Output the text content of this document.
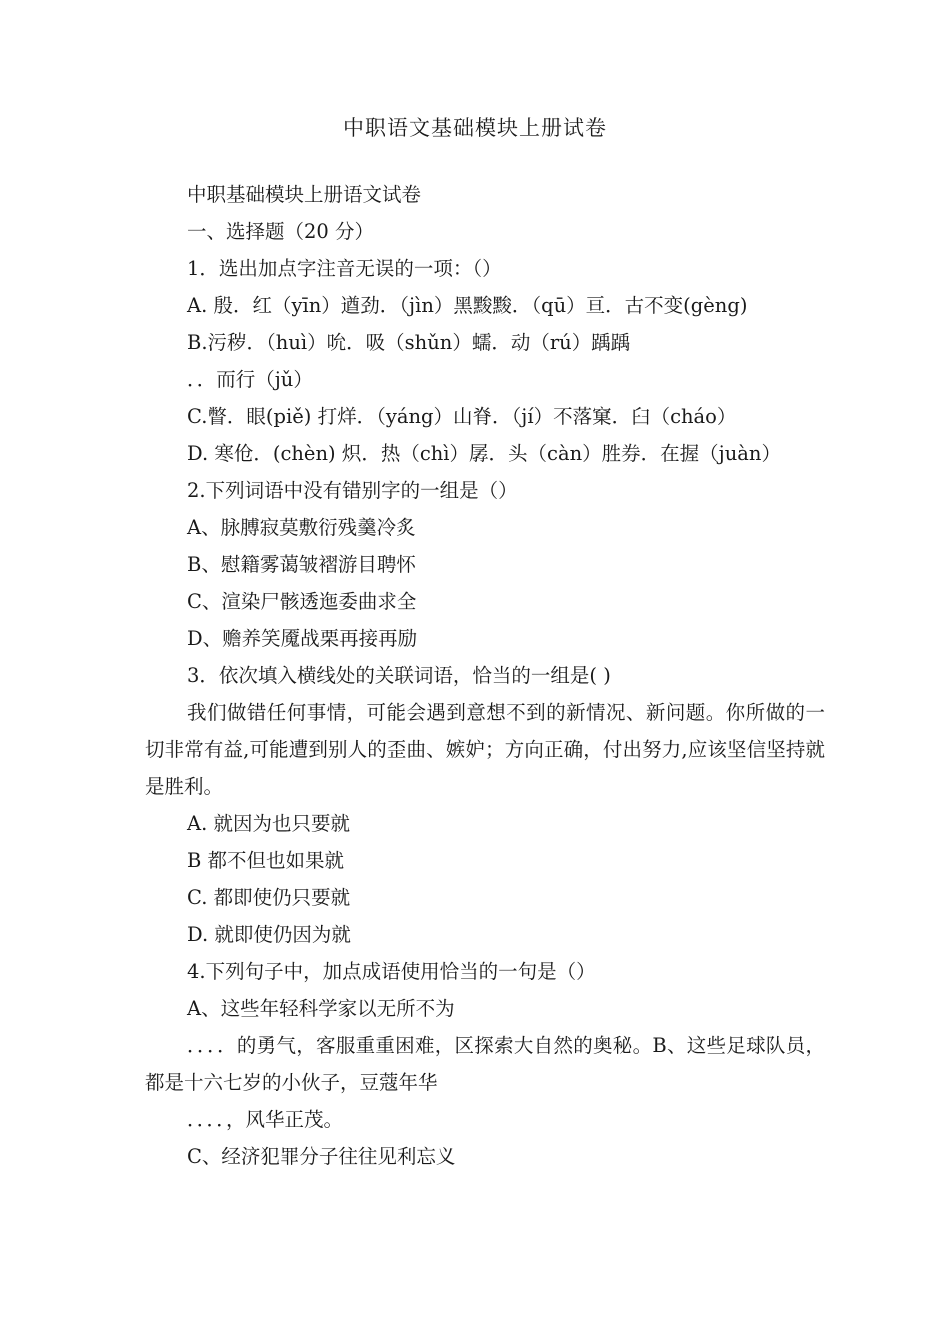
中职语文基础模块上册试卷
中职基础模块上册语文试卷
一、选择题（20 分）
1．选出加点字注音无误的一项：（）
A. 殷．红（yīn）遒劲．（jìn）黑黢黢．（qū）亘．古不变(gèng)
B.污秽．（huì）吮．吸（shǔn）蠕．动（rú）踽踽
．．而行（jǔ）
C.瞥．眼(piě) 打烊．（yáng）山脊．（jí）不落窠．臼（cháo）
D. 寒伧．(chèn) 炽．热（chì）孱．头（càn）胜券．在握（juàn）
2.下列词语中没有错别字的一组是（）
A、脉膊寂莫敷衍残羹冷炙
B、慰籍雾蔼皱褶游目聘怀
C、渲染尸骸透迤委曲求全
D、赡养笑魇战栗再接再励
3．依次填入横线处的关联词语，恰当的一组是( )
我们做错任何事情，可能会遇到意想不到的新情况、新问题。你所做的一切非常有益,可能遭到别人的歪曲、嫉妒；方向正确，付出努力,应该坚信坚持就是胜利。
A. 就因为也只要就
B 都不但也如果就
C. 都即使仍只要就
D. 就即使仍因为就
4.下列句子中，加点成语使用恰当的一句是（）
A、这些年轻科学家以无所不为
．．．．的勇气，客服重重困难，区探索大自然的奥秘。B、这些足球队员，都是十六七岁的小伙子，豆蔻年华
．．．．，风华正茂。
C、经济犯罪分子往往见利忘义
